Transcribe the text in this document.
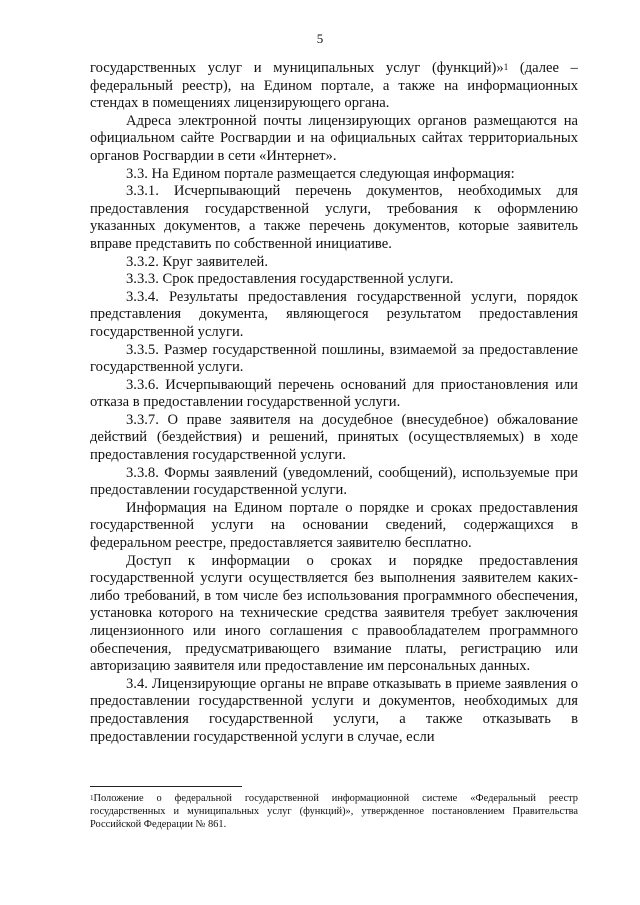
5

государственных услуг и муниципальных услуг (функций)»$^1$ (далее – федеральный реестр), на Едином портале, а также на информационных стендах в помещениях лицензирующего органа.

Адреса электронной почты лицензирующих органов размещаются на официальном сайте Росгвардии и на официальных сайтах территориальных органов Росгвардии в сети «Интернет».

3.3. На Едином портале размещается следующая информация:

3.3.1. Исчерпывающий перечень документов, необходимых для предоставления государственной услуги, требования к оформлению указанных документов, а также перечень документов, которые заявитель вправе представить по собственной инициативе.

3.3.2. Круг заявителей.

3.3.3. Срок предоставления государственной услуги.

3.3.4. Результаты предоставления государственной услуги, порядок представления документа, являющегося результатом предоставления государственной услуги.

3.3.5. Размер государственной пошлины, взимаемой за предоставление государственной услуги.

3.3.6. Исчерпывающий перечень оснований для приостановления или отказа в предоставлении государственной услуги.

3.3.7. О праве заявителя на досудебное (внесудебное) обжалование действий (бездействия) и решений, принятых (осуществляемых) в ходе предоставления государственной услуги.

3.3.8. Формы заявлений (уведомлений, сообщений), используемые при предоставлении государственной услуги.

Информация на Едином портале о порядке и сроках предоставления государственной услуги на основании сведений, содержащихся в федеральном реестре, предоставляется заявителю бесплатно.

Доступ к информации о сроках и порядке предоставления государственной услуги осуществляется без выполнения заявителем каких-либо требований, в том числе без использования программного обеспечения, установка которого на технические средства заявителя требует заключения лицензионного или иного соглашения с правообладателем программного обеспечения, предусматривающего взимание платы, регистрацию или авторизацию заявителя или предоставление им персональных данных.

3.4. Лицензирующие органы не вправе отказывать в приеме заявления о предоставлении государственной услуги и документов, необходимых для предоставления государственной услуги, а также отказывать в предоставлении государственной услуги в случае, если

$^1$Положение о федеральной государственной информационной системе «Федеральный реестр государственных и муниципальных услуг (функций)», утвержденное постановлением Правительства Российской Федерации № 861.
